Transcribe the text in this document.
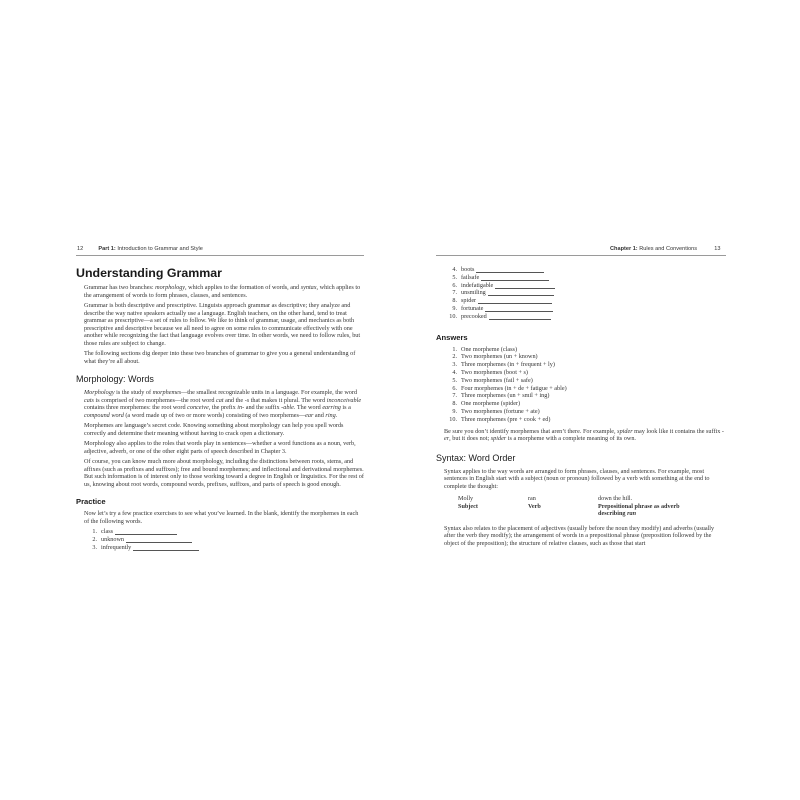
12	Part 1: Introduction to Grammar and Style	Chapter 1: Rules and Conventions	13
Understanding Grammar

Grammar has two branches: morphology, which applies to the formation of words, and syntax, which applies to the arrangement of words to form phrases, clauses, and sentences.

Grammar is both descriptive and prescriptive. Linguists approach grammar as descriptive; they analyze and describe the way native speakers actually use a language. English teachers, on the other hand, tend to treat grammar as prescriptive—a set of rules to follow. We like to think of grammar, usage, and mechanics as both prescriptive and descriptive because we all need to agree on some rules to communicate effectively with one another while recognizing the fact that language evolves over time. In other words, we need to follow rules, but those rules are subject to change.

The following sections dig deeper into these two branches of grammar to give you a general understanding of what they’re all about.

Morphology: Words

Morphology is the study of morphemes—the smallest recognizable units in a language. For example, the word cats is comprised of two morphemes—the root word cat and the -s that makes it plural. The word inconceivable contains three morphemes: the root word conceive, the prefix in- and the suffix -able. The word earring is a compound word (a word made up of two or more words) consisting of two morphemes—ear and ring.

Morphemes are language’s secret code. Knowing something about morphology can help you spell words correctly and determine their meaning without having to crack open a dictionary.

Morphology also applies to the roles that words play in sentences—whether a word functions as a noun, verb, adjective, adverb, or one of the other eight parts of speech described in Chapter 3.

Of course, you can know much more about morphology, including the distinctions between roots, stems, and affixes (such as prefixes and suffixes); free and bound morphemes; and inflectional and derivational morphemes. But such information is of interest only to those working toward a degree in English or linguistics. For the rest of us, knowing about root words, compound words, prefixes, suffixes, and parts of speech is good enough.

Practice

Now let’s try a few practice exercises to see what you’ve learned. In the blank, identify the morphemes in each of the following words.

1. class
2. unknown
3. infrequently
4. boots
5. failsafe
6. indefatigable
7. unsmiling
8. spider
9. fortunate
10. precooked
Answers
1. One morpheme (class)
2. Two morphemes (un + known)
3. Three morphemes (in + frequent + ly)
4. Two morphemes (boot + s)
5. Two morphemes (fail + safe)
6. Four morphemes (in + de + fatigue + able)
7. Three morphemes (un + smil + ing)
8. One morpheme (spider)
9. Two morphemes (fortune + ate)
10. Three morphemes (pre + cook + ed)

Be sure you don’t identify morphemes that aren’t there. For example, spider may look like it contains the suffix -er, but it does not; spider is a morpheme with a complete meaning of its own.

Syntax: Word Order

Syntax applies to the way words are arranged to form phrases, clauses, and sentences. For example, most sentences in English start with a subject (noun or pronoun) followed by a verb with something at the end to complete the thought:

Molly	ran	down the hill.
Subject	Verb	Prepositional phrase as adverb
describing ran

Syntax also relates to the placement of adjectives (usually before the noun they modify) and adverbs (usually after the verb they modify); the arrangement of words in a prepositional phrase (preposition followed by the object of the preposition); the structure of relative clauses, such as those that start
